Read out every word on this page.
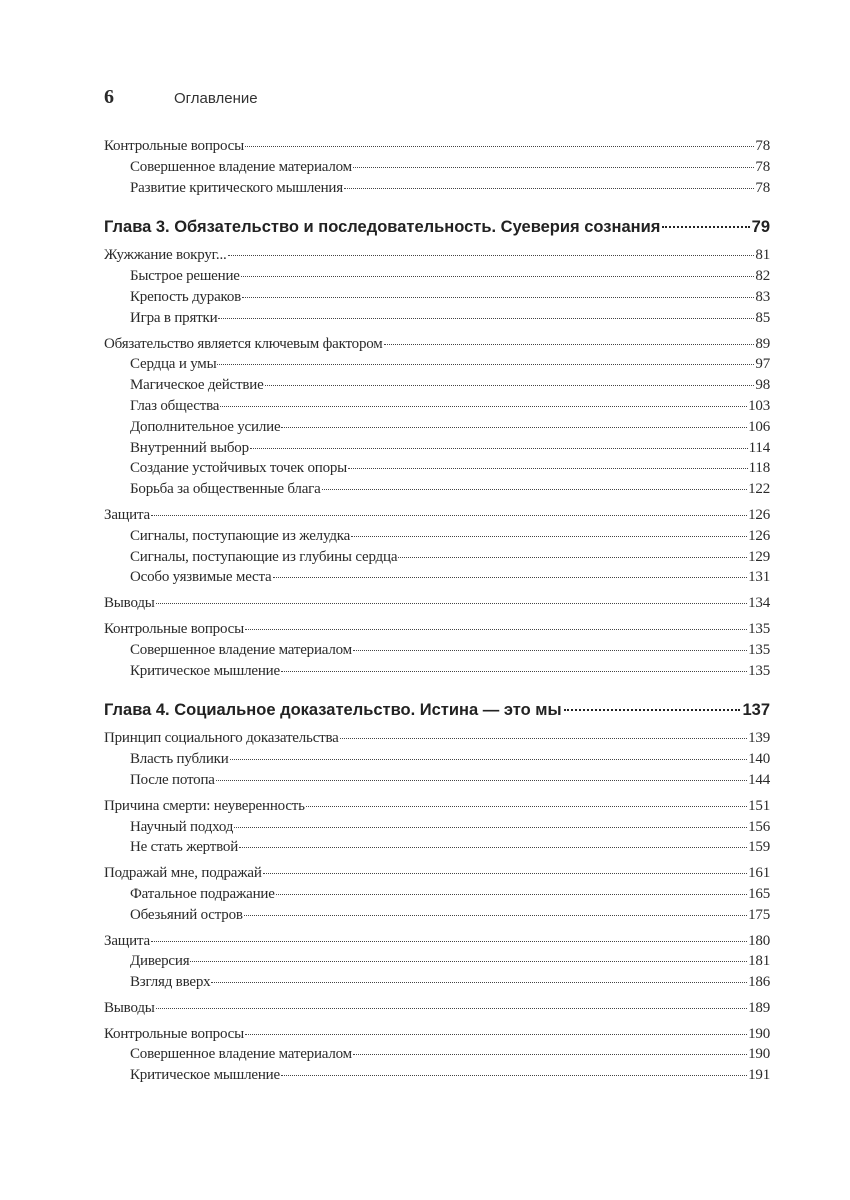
6	Оглавление
Контрольные вопросы	78
Совершенное владение материалом	78
Развитие критического мышления	78
Глава 3. Обязательство и последовательность. Суеверия сознания	79
Жужжание вокруг...	81
Быстрое решение	82
Крепость дураков	83
Игра в прятки	85
Обязательство является ключевым фактором	89
Сердца и умы	97
Магическое действие	98
Глаз общества	103
Дополнительное усилие	106
Внутренний выбор	114
Создание устойчивых точек опоры	118
Борьба за общественные блага	122
Защита	126
Сигналы, поступающие из желудка	126
Сигналы, поступающие из глубины сердца	129
Особо уязвимые места	131
Выводы	134
Контрольные вопросы	135
Совершенное владение материалом	135
Критическое мышление	135
Глава 4. Социальное доказательство. Истина — это мы	137
Принцип социального доказательства	139
Власть публики	140
После потопа	144
Причина смерти: неуверенность	151
Научный подход	156
Не стать жертвой	159
Подражай мне, подражай	161
Фатальное подражание	165
Обезьяний остров	175
Защита	180
Диверсия	181
Взгляд вверх	186
Выводы	189
Контрольные вопросы	190
Совершенное владение материалом	190
Критическое мышление	191
